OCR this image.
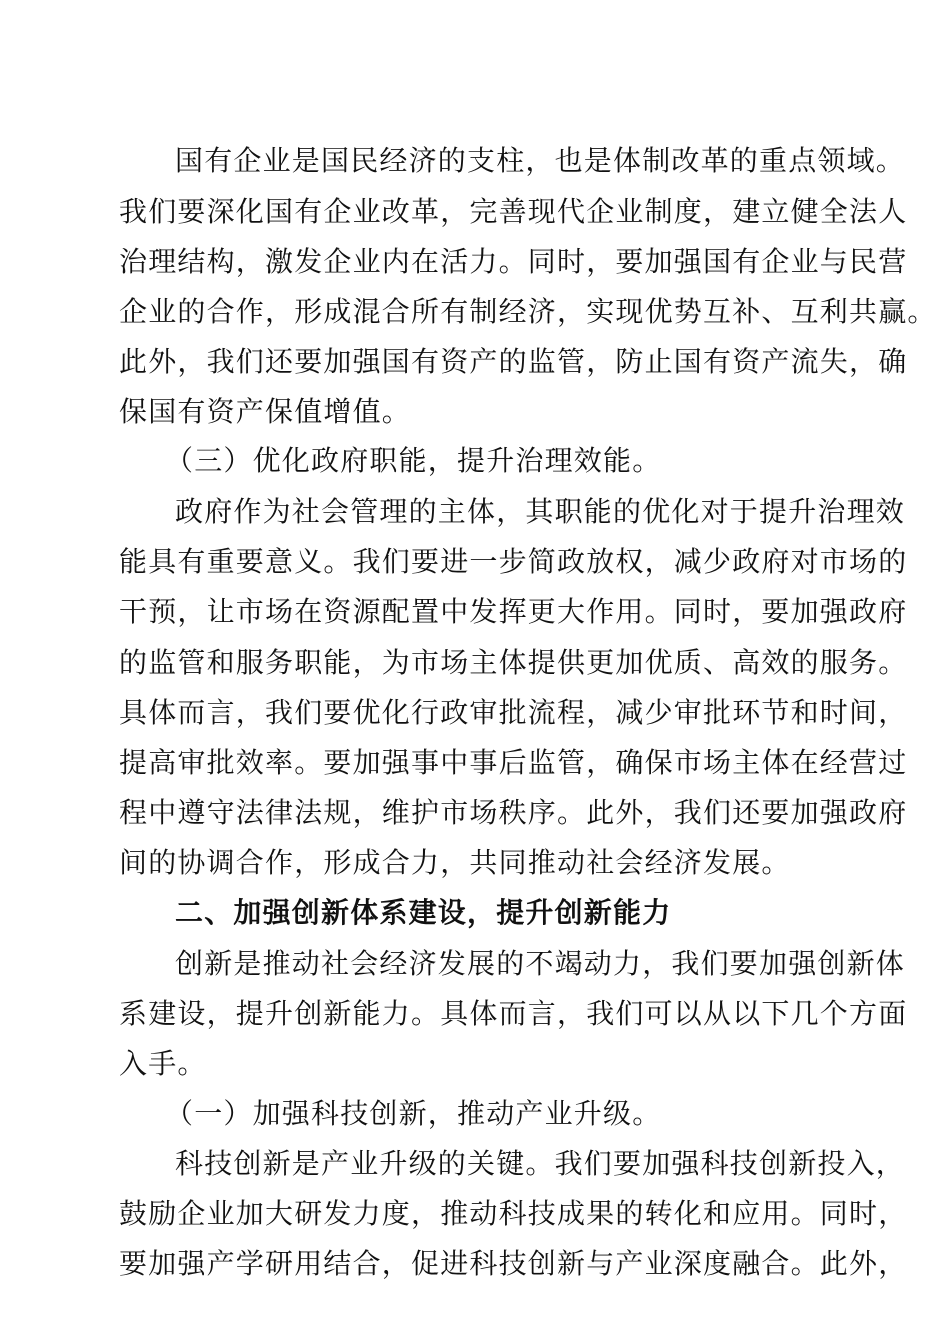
国有企业是国民经济的支柱，也是体制改革的重点领域。
我们要深化国有企业改革，完善现代企业制度，建立健全法人
治理结构，激发企业内在活力。同时，要加强国有企业与民营
企业的合作，形成混合所有制经济，实现优势互补、互利共赢。
此外，我们还要加强国有资产的监管，防止国有资产流失，确
保国有资产保值增值。
（三）优化政府职能，提升治理效能。
政府作为社会管理的主体，其职能的优化对于提升治理效
能具有重要意义。我们要进一步简政放权，减少政府对市场的
干预，让市场在资源配置中发挥更大作用。同时，要加强政府
的监管和服务职能，为市场主体提供更加优质、高效的服务。
具体而言，我们要优化行政审批流程，减少审批环节和时间，
提高审批效率。要加强事中事后监管，确保市场主体在经营过
程中遵守法律法规，维护市场秩序。此外，我们还要加强政府
间的协调合作，形成合力，共同推动社会经济发展。
二、加强创新体系建设，提升创新能力
创新是推动社会经济发展的不竭动力，我们要加强创新体
系建设，提升创新能力。具体而言，我们可以从以下几个方面
入手。
（一）加强科技创新，推动产业升级。
科技创新是产业升级的关键。我们要加强科技创新投入，
鼓励企业加大研发力度，推动科技成果的转化和应用。同时，
要加强产学研用结合，促进科技创新与产业深度融合。此外，
